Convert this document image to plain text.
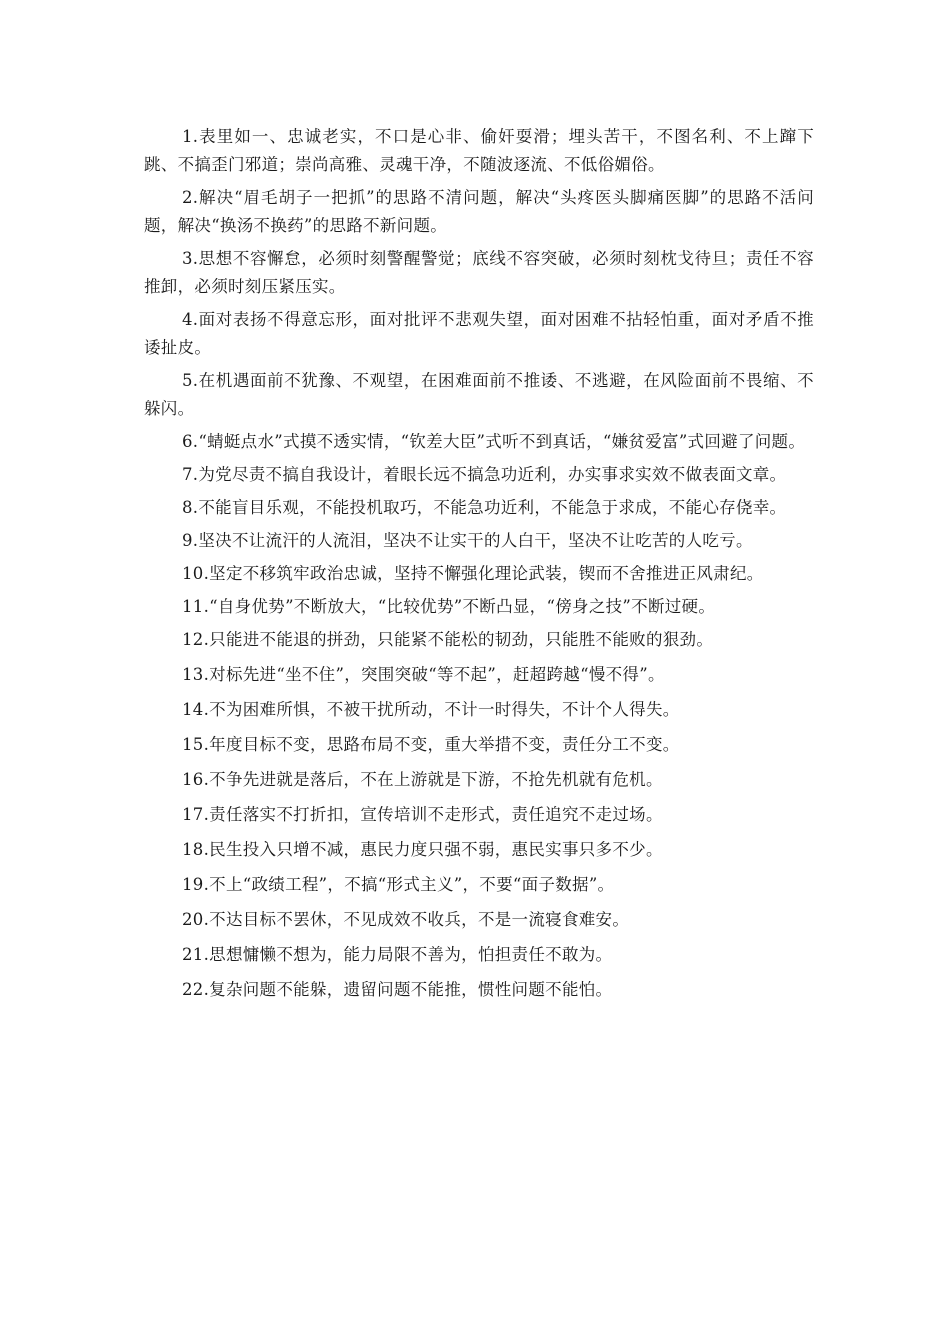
1.表里如一、忠诚老实，不口是心非、偷奸耍滑；埋头苦干，不图名利、不上蹿下跳、不搞歪门邪道；崇尚高雅、灵魂干净，不随波逐流、不低俗媚俗。

2.解决“眉毛胡子一把抓”的思路不清问题，解决“头疼医头脚痛医脚”的思路不活问题，解决“换汤不换药”的思路不新问题。

3.思想不容懈怠，必须时刻警醒警觉；底线不容突破，必须时刻枕戈待旦；责任不容推卸，必须时刻压紧压实。

4.面对表扬不得意忘形，面对批评不悲观失望，面对困难不拈轻怕重，面对矛盾不推诿扯皮。

5.在机遇面前不犹豫、不观望，在困难面前不推诿、不逃避，在风险面前不畏缩、不躲闪。

6.“蜻蜓点水”式摸不透实情，“钦差大臣”式听不到真话，“嫌贫爱富”式回避了问题。

7.为党尽责不搞自我设计，着眼长远不搞急功近利，办实事求实效不做表面文章。

8.不能盲目乐观，不能投机取巧，不能急功近利，不能急于求成，不能心存侥幸。

9.坚决不让流汗的人流泪，坚决不让实干的人白干，坚决不让吃苦的人吃亏。

10.坚定不移筑牢政治忠诚，坚持不懈强化理论武装，锲而不舍推进正风肃纪。

11.“自身优势”不断放大，“比较优势”不断凸显，“傍身之技”不断过硬。

12.只能进不能退的拼劲，只能紧不能松的韧劲，只能胜不能败的狠劲。

13.对标先进“坐不住”，突围突破“等不起”，赶超跨越“慢不得”。

14.不为困难所惧，不被干扰所动，不计一时得失，不计个人得失。

15.年度目标不变，思路布局不变，重大举措不变，责任分工不变。

16.不争先进就是落后，不在上游就是下游，不抢先机就有危机。

17.责任落实不打折扣，宣传培训不走形式，责任追究不走过场。

18.民生投入只增不减，惠民力度只强不弱，惠民实事只多不少。

19.不上“政绩工程”，不搞“形式主义”，不要“面子数据”。

20.不达目标不罢休，不见成效不收兵，不是一流寝食难安。

21.思想慵懒不想为，能力局限不善为，怕担责任不敢为。

22.复杂问题不能躲，遗留问题不能推，惯性问题不能怕。
